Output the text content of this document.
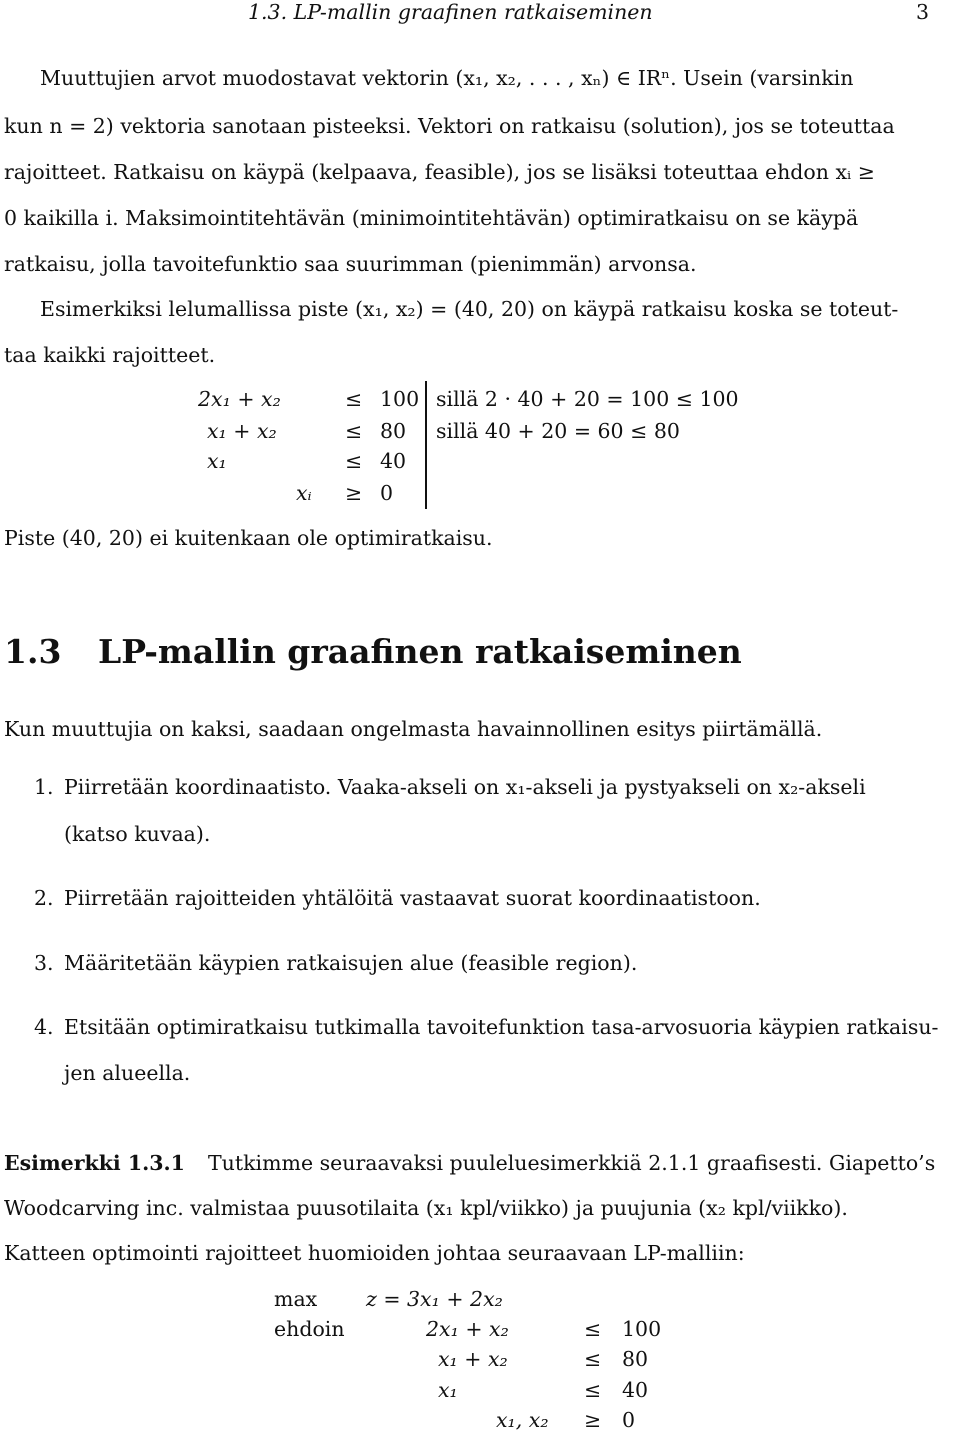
1.3. LP-mallin graafinen ratkaiseminen	3
Muuttujien arvot muodostavat vektorin (x₁, x₂, . . . , xₙ) ∈ IRⁿ. Usein (varsinkin
kun n = 2) vektoria sanotaan pisteeksi. Vektori on ratkaisu (solution), jos se toteuttaa
rajoitteet. Ratkaisu on käypä (kelpaava, feasible), jos se lisäksi toteuttaa ehdon xᵢ ≥
0 kaikilla i. Maksimointitehtävän (minimointitehtävän) optimiratkaisu on se käypä
ratkaisu, jolla tavoitefunktio saa suurimman (pienimmän) arvonsa.
Esimerkiksi lelumallissa piste (x₁, x₂) = (40, 20) on käypä ratkaisu koska se toteut-
taa kaikki rajoitteet.
2x₁ + x₂	≤ 100 sillä 2 · 40 + 20 = 100 ≤ 100
x₁ + x₂	≤ 80 sillä 40 + 20 = 60 ≤ 80
x₁	≤ 40
xᵢ ≥ 0
Piste (40, 20) ei kuitenkaan ole optimiratkaisu.
1.3 LP-mallin graafinen ratkaiseminen
Kun muuttujia on kaksi, saadaan ongelmasta havainnollinen esitys piirtämällä.
1. Piirretään koordinaatisto. Vaaka-akseli on x₁-akseli ja pystyakseli on x₂-akseli
(katso kuvaa).
2. Piirretään rajoitteiden yhtälöitä vastaavat suorat koordinaatistoon.
3. Määritetään käypien ratkaisujen alue (feasible region).
4. Etsitään optimiratkaisu tutkimalla tavoitefunktion tasa-arvosuoria käypien ratkaisu-
jen alueella.
Esimerkki 1.3.1 Tutkimme seuraavaksi puuleluesimerkkiä 2.1.1 graafisesti. Giapetto’s
Woodcarving inc. valmistaa puusotilaita (x₁ kpl/viikko) ja puujunia (x₂ kpl/viikko).
Katteen optimointi rajoitteet huomioiden johtaa seuraavaan LP-malliin:
max z = 3x₁ + 2x₂
ehdoin	2x₁ + x₂	≤ 100
x₁ + x₂	≤ 80
x₁	≤ 40
x₁, x₂ ≥ 0
